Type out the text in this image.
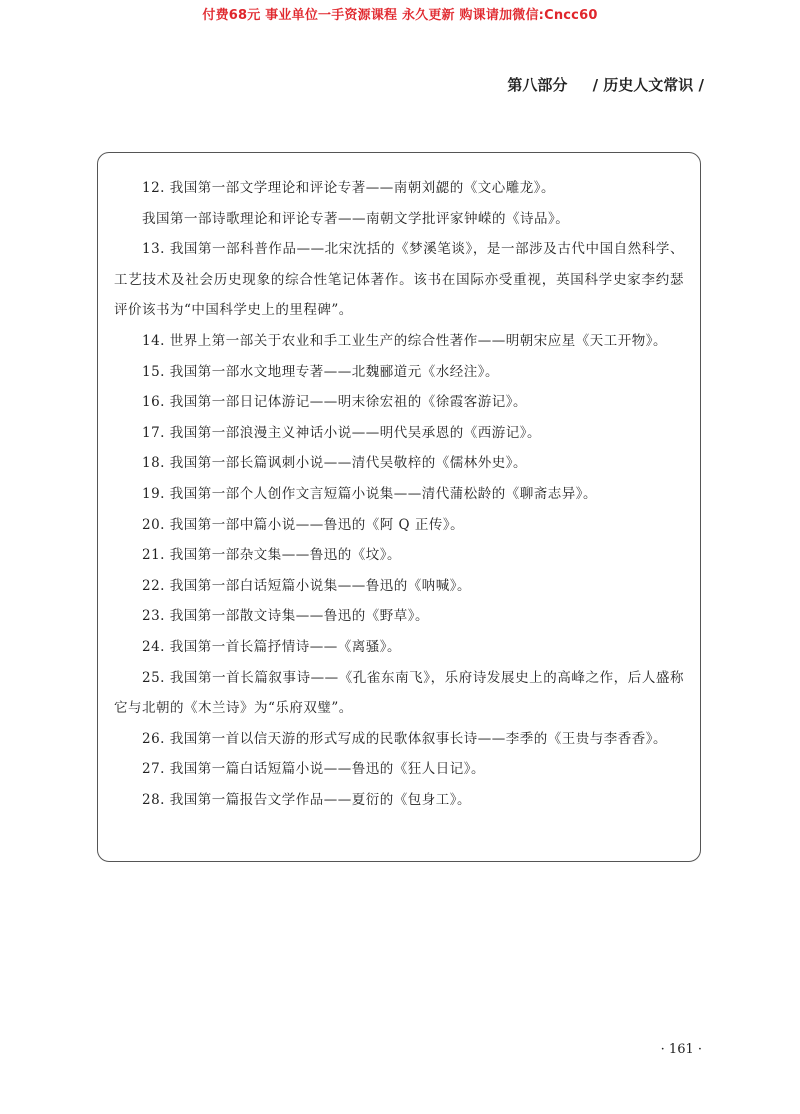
付费68元 事业单位一手资源课程 永久更新 购课请加微信:Cncc60
第八部分 / 历史人文常识 /

12. 我国第一部文学理论和评论专著——南朝刘勰的《文心雕龙》。

我国第一部诗歌理论和评论专著——南朝文学批评家钟嵘的《诗品》。

13. 我国第一部科普作品——北宋沈括的《梦溪笔谈》，是一部涉及古代中国自然科学、工艺技术及社会历史现象的综合性笔记体著作。该书在国际亦受重视，英国科学史家李约瑟评价该书为“中国科学史上的里程碑”。

14. 世界上第一部关于农业和手工业生产的综合性著作——明朝宋应星《天工开物》。

15. 我国第一部水文地理专著——北魏郦道元《水经注》。

16. 我国第一部日记体游记——明末徐宏祖的《徐霞客游记》。

17. 我国第一部浪漫主义神话小说——明代吴承恩的《西游记》。

18. 我国第一部长篇讽刺小说——清代吴敬梓的《儒林外史》。

19. 我国第一部个人创作文言短篇小说集——清代蒲松龄的《聊斋志异》。

20. 我国第一部中篇小说——鲁迅的《阿 Q 正传》。

21. 我国第一部杂文集——鲁迅的《坟》。

22. 我国第一部白话短篇小说集——鲁迅的《呐喊》。

23. 我国第一部散文诗集——鲁迅的《野草》。

24. 我国第一首长篇抒情诗——《离骚》。

25. 我国第一首长篇叙事诗——《孔雀东南飞》，乐府诗发展史上的高峰之作，后人盛称它与北朝的《木兰诗》为“乐府双璧”。

26. 我国第一首以信天游的形式写成的民歌体叙事长诗——李季的《王贵与李香香》。

27. 我国第一篇白话短篇小说——鲁迅的《狂人日记》。

28. 我国第一篇报告文学作品——夏衍的《包身工》。

· 161 ·
